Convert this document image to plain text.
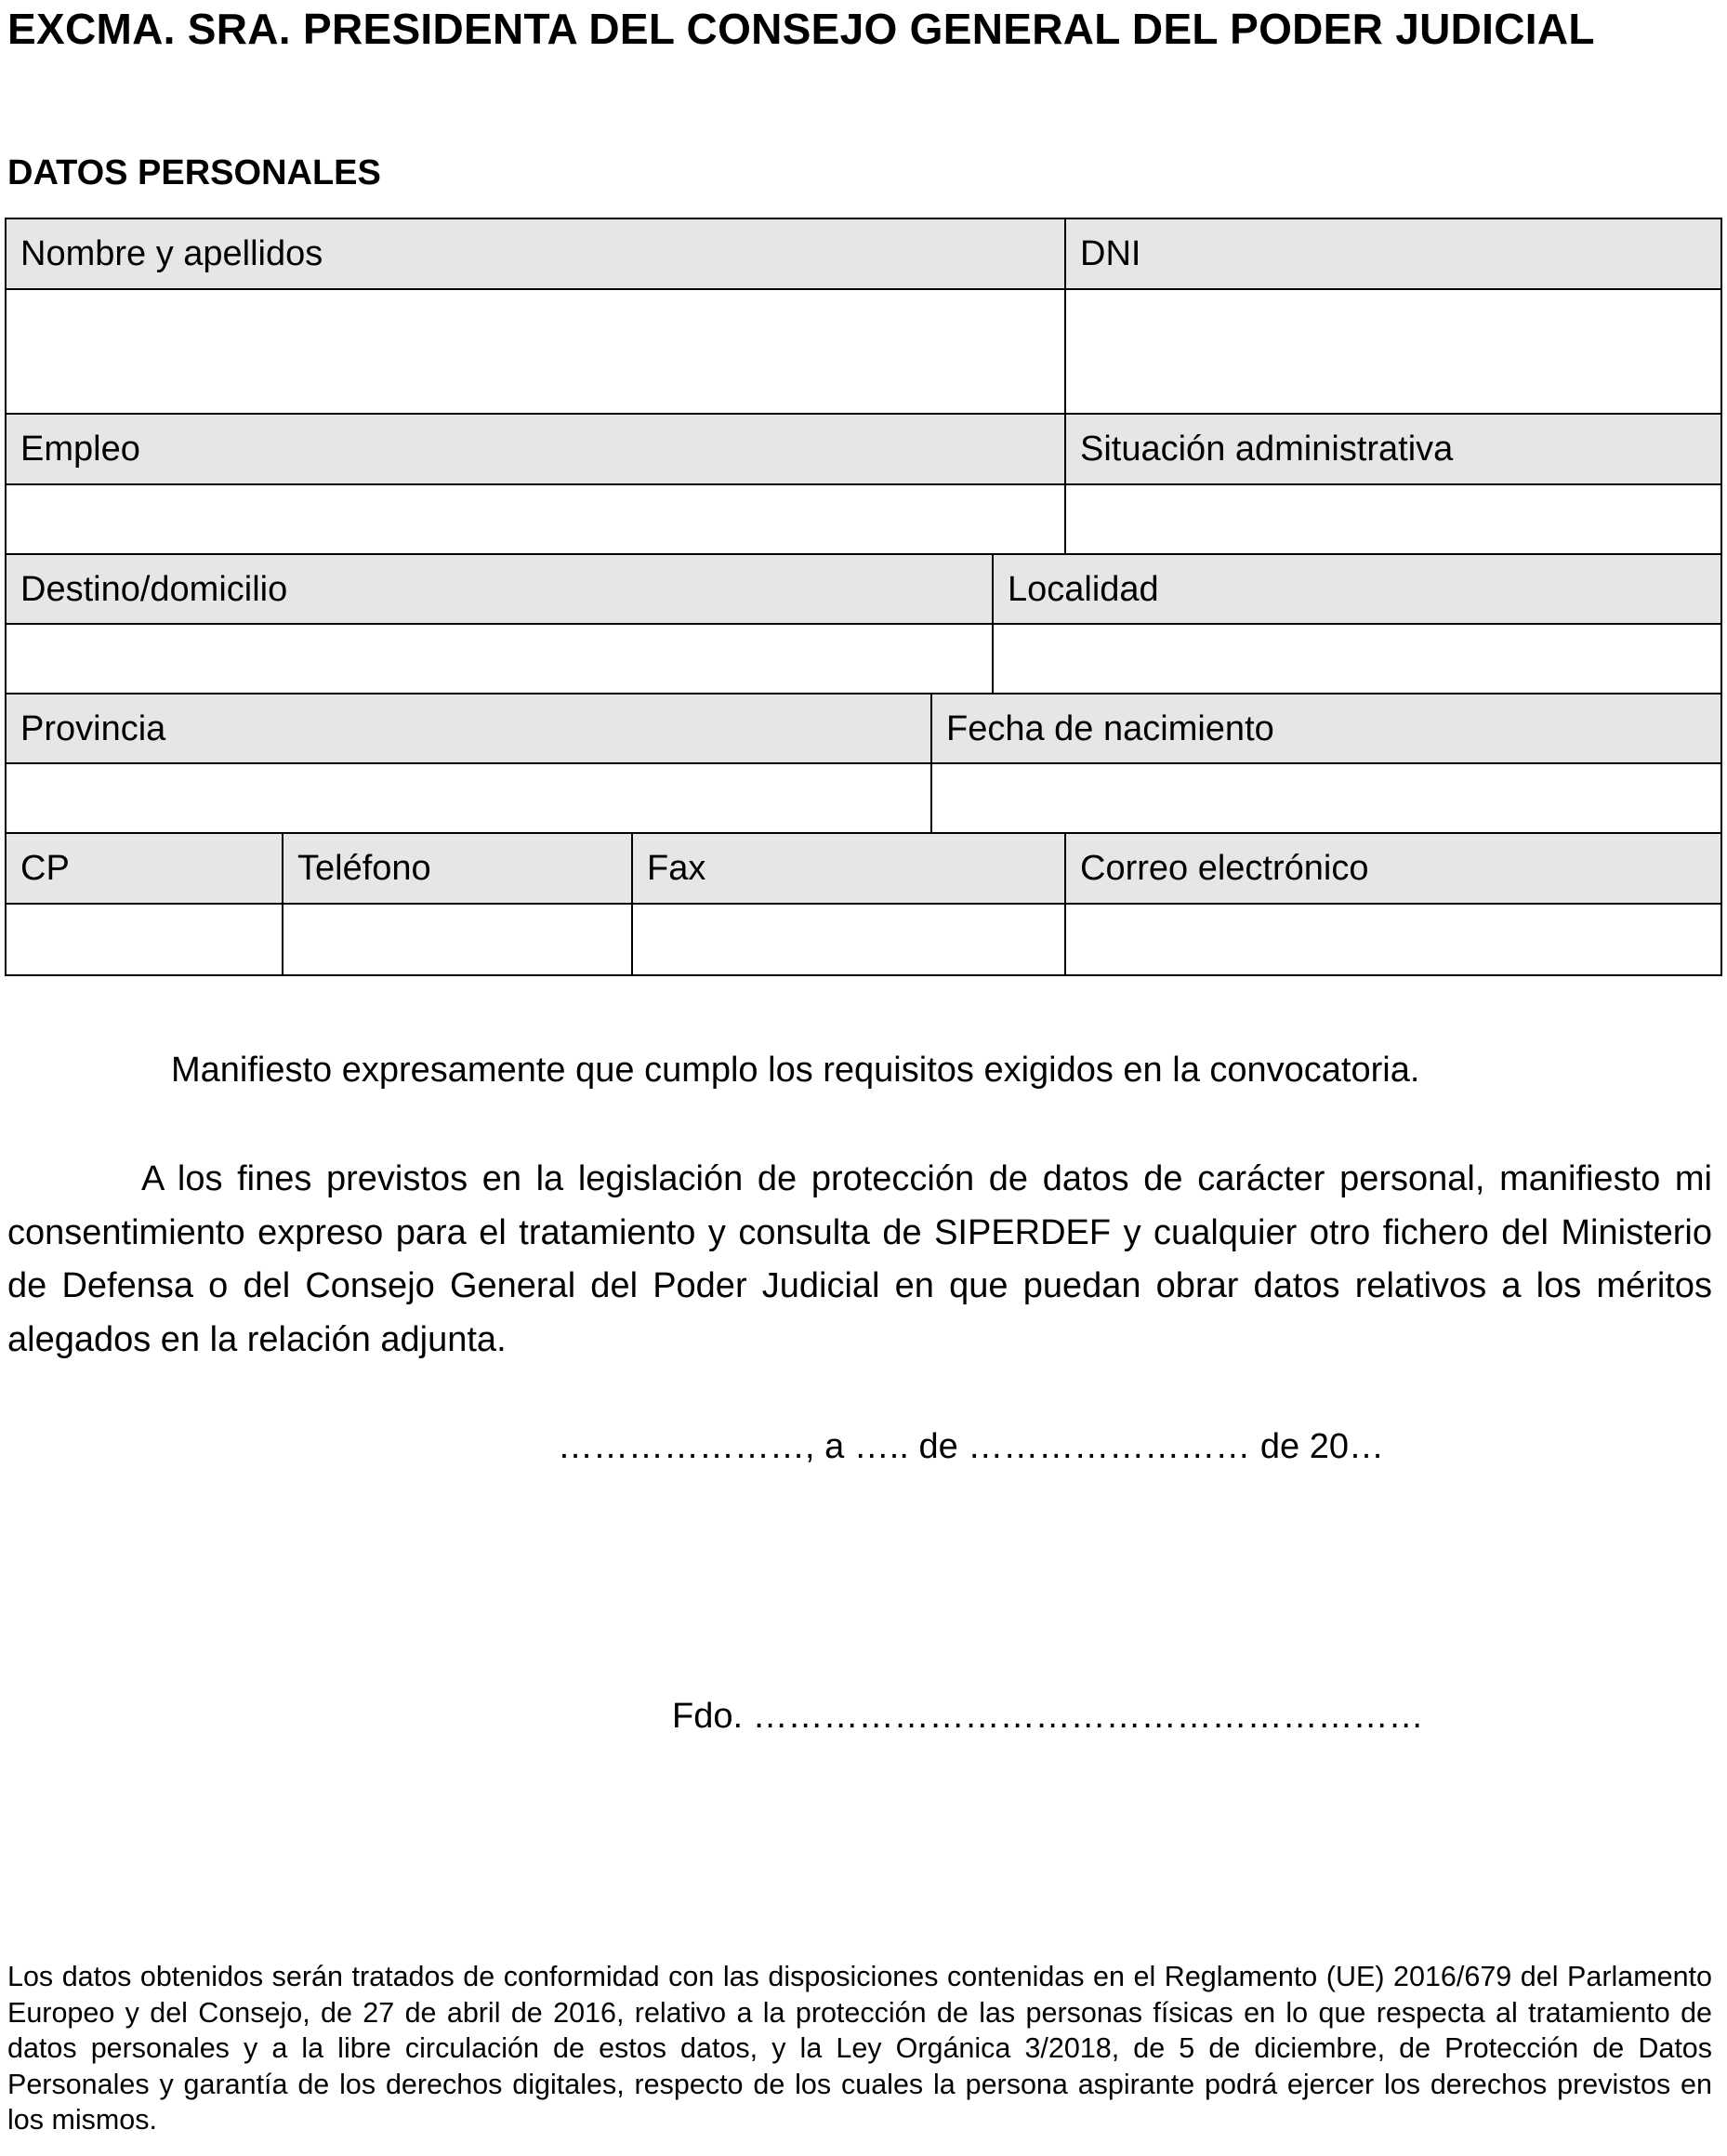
EXCMA. SRA. PRESIDENTA DEL CONSEJO GENERAL DEL PODER JUDICIAL
DATOS PERSONALES
Nombre y apellidos	DNI
Empleo	Situación administrativa
Destino/domicilio	Localidad
Provincia	Fecha de nacimiento
CP	Teléfono	Fax	Correo electrónico
Manifiesto expresamente que cumplo los requisitos exigidos en la convocatoria.
A los fines previstos en la legislación de protección de datos de carácter personal, manifiesto mi consentimiento expreso para el tratamiento y consulta de SIPERDEF y cualquier otro fichero del Ministerio de Defensa o del Consejo General del Poder Judicial en que puedan obrar datos relativos a los méritos alegados en la relación adjunta.
…………………, a ….. de …………………… de 20…
Fdo. …………………………………………………
Los datos obtenidos serán tratados de conformidad con las disposiciones contenidas en el Reglamento (UE) 2016/679 del Parlamento Europeo y del Consejo, de 27 de abril de 2016, relativo a la protección de las personas físicas en lo que respecta al tratamiento de datos personales y a la libre circulación de estos datos, y la Ley Orgánica 3/2018, de 5 de diciembre, de Protección de Datos Personales y garantía de los derechos digitales, respecto de los cuales la persona aspirante podrá ejercer los derechos previstos en los mismos.
